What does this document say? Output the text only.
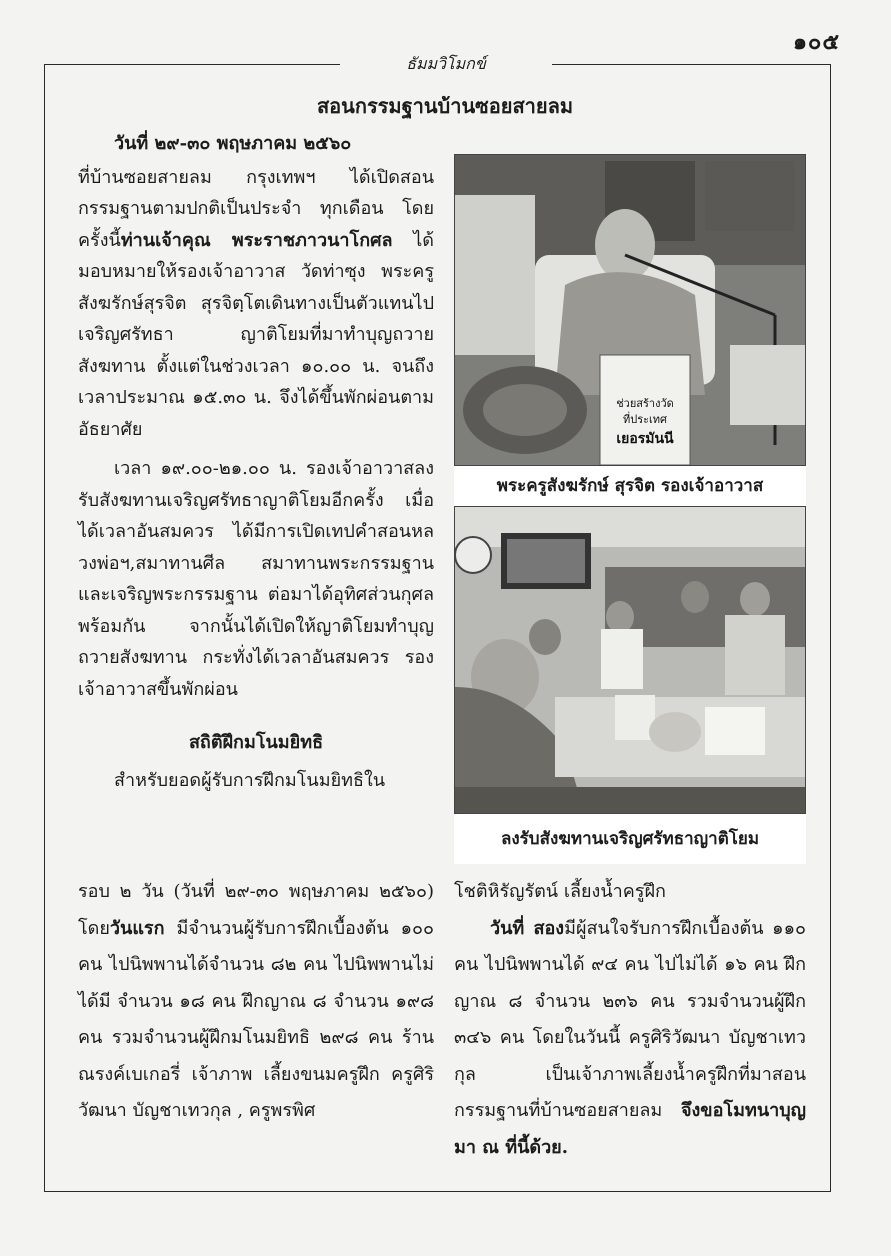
๑๐๕
ธัมมวิโมกข์
สอนกรรมฐานบ้านซอยสายลม

วันที่ ๒๙-๓๐ พฤษภาคม ๒๕๖๐

ที่บ้านซอยสายลม กรุงเทพฯ ได้เปิดสอนกรรมฐานตามปกติเป็นประจำ ทุกเดือน โดยครั้งนี้ท่านเจ้าคุณ พระราชภาวนาโกศล ได้มอบหมายให้รองเจ้าอาวาส วัดท่าซุง พระครูสังฆรักษ์สุรจิต สุรจิตฺโตเดินทางเป็นตัวแทนไปเจริญศรัทธา ญาติโยมที่มาทำบุญถวายสังฆทาน ตั้งแต่ในช่วงเวลา ๑๐.๐๐ น. จนถึงเวลาประมาณ ๑๕.๓๐ น. จึงได้ขึ้นพักผ่อนตามอัธยาศัย

เวลา ๑๙.๐๐-๒๑.๐๐ น. รองเจ้าอาวาสลงรับสังฆทานเจริญศรัทธาญาติโยมอีกครั้ง เมื่อได้เวลาอันสมควร ได้มีการเปิดเทปคำสอนหลวงพ่อฯ,สมาทานศีล สมาทานพระกรรมฐานและเจริญพระกรรมฐาน ต่อมาได้อุทิศส่วนกุศลพร้อมกัน จากนั้นได้เปิดให้ญาติโยมทำบุญถวายสังฆทาน กระทั่งได้เวลาอันสมควร รองเจ้าอาวาสขึ้นพักผ่อน

สถิติฝึกมโนมยิทธิ

สำหรับยอดผู้รับการฝึกมโนมยิทธิใน

ช่วยสร้างวัด
ที่ประเทศ
เยอรมันนี
พระครูสังฆรักษ์ สุรจิต รองเจ้าอาวาส
ลงรับสังฆทานเจริญศรัทธาญาติโยม

รอบ ๒ วัน (วันที่ ๒๙-๓๐ พฤษภาคม ๒๕๖๐) โดยวันแรก มีจำนวนผู้รับการฝึกเบื้องต้น ๑๐๐ คน ไปนิพพานได้จำนวน ๘๒ คน ไปนิพพานไม่ได้มี จำนวน ๑๘ คน ฝึกญาณ ๘ จำนวน ๑๙๘ คน รวมจำนวนผู้ฝึกมโนมยิทธิ ๒๙๘ คน ร้านณรงค์เบเกอรี่ เจ้าภาพ เลี้ยงขนมครูฝึก ครูศิริวัฒนา บัญชาเทวกุล , ครูพรพิศ

โชติหิรัญรัตน์ เลี้ยงน้ำครูฝึก

วันที่ สองมีผู้สนใจรับการฝึกเบื้องต้น ๑๑๐ คน ไปนิพพานได้ ๙๔ คน ไปไม่ได้ ๑๖ คน ฝึกญาณ ๘ จำนวน ๒๓๖ คน รวมจำนวนผู้ฝึก ๓๔๖ คน โดยในวันนี้ ครูศิริวัฒนา บัญชาเทวกุล เป็นเจ้าภาพเลี้ยงน้ำครูฝึกที่มาสอนกรรมฐานที่บ้านซอยสายลม จึงขอโมทนาบุญมา ณ ที่นี้ด้วย.
